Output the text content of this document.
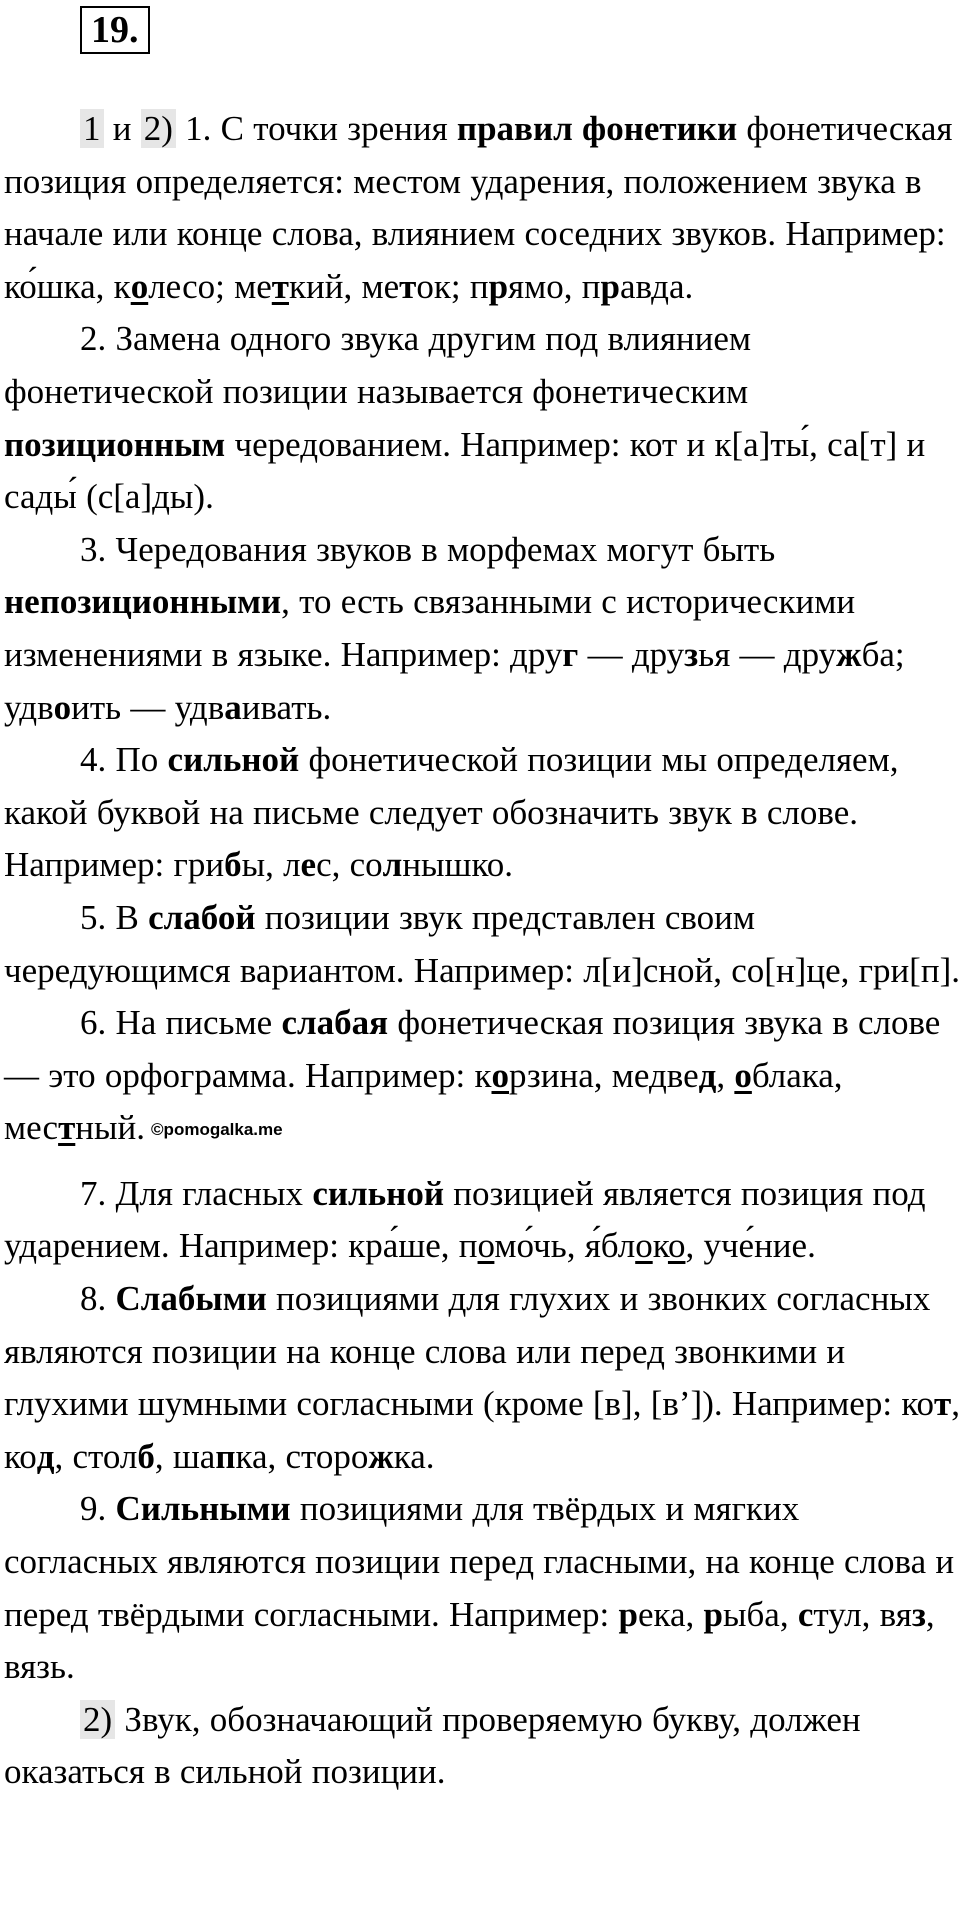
19.

1 и 2) 1. С точки зрения правил фонетики фонетическая позиция определяется: местом ударения, положением звука в начале или конце слова, влиянием соседних звуков. Например: ко́шка, колесо; меткий, меток; прямо, правда.

2. Замена одного звука другим под влиянием фонетической позиции называется фонетическим позиционным чередованием. Например: кот и к[а]ты́, са[т] и сады́ (с[а]ды).

3. Чередования звуков в морфемах могут быть непозиционными, то есть связанными с историческими изменениями в языке. Например: друг — друзья — дружба; удвоить — удваивать.

4. По сильной фонетической позиции мы определяем, какой буквой на письме следует обозначить звук в слове. Например: грибы, лес, солнышко.

5. В слабой позиции звук представлен своим чередующимся вариантом. Например: л[и]сной, со[н]це, гри[п].

6. На письме слабая фонетическая позиция звука в слове — это орфограмма. Например: корзина, медвед, облака, местный. ©pomogalka.me

7. Для гласных сильной позицией является позиция под ударением. Например: кра́ше, помо́чь, я́блоко, уче́ние.

8. Слабыми позициями для глухих и звонких согласных являются позиции на конце слова или перед звонкими и глухими шумными согласными (кроме [в], [в’]). Например: кот, код, столб, шапка, сторожка.

9. Сильными позициями для твёрдых и мягких согласных являются позиции перед гласными, на конце слова и перед твёрдыми согласными. Например: река, рыба, стул, вяз, вязь.

2) Звук, обозначающий проверяемую букву, должен оказаться в сильной позиции.
